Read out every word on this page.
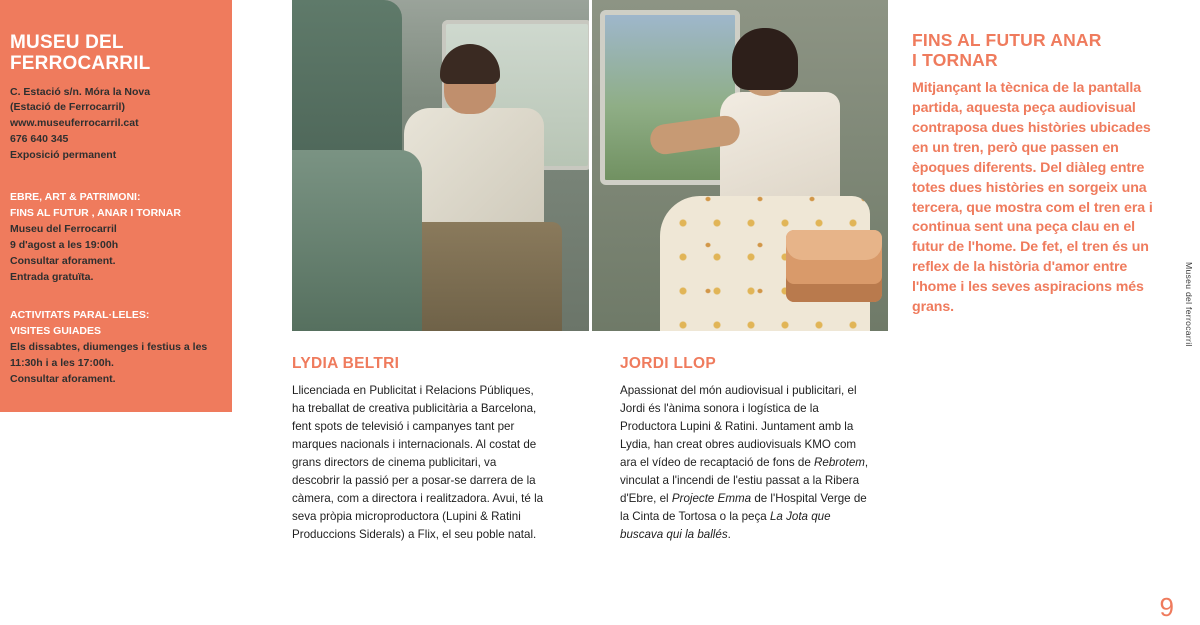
MUSEU DEL
FERROCARRIL
C. Estació s/n. Móra la Nova
(Estació de Ferrocarril)
www.museuferrocarril.cat
676 640 345
Exposició permanent
EBRE, ART & PATRIMONI:
FINS AL FUTUR , ANAR I TORNAR
Museu del Ferrocarril
9 d'agost a les 19:00h
Consultar aforament.
Entrada gratuïta.
ACTIVITATS PARAL·LELES:
VISITES GUIADES
Els dissabtes, diumenges i festius a les
11:30h i a les 17:00h.
Consultar aforament.
FINS AL FUTUR ANAR
I TORNAR

Mitjançant la tècnica de la pantalla partida, aquesta peça audiovisual contraposa dues històries ubicades en un tren, però que passen en èpoques diferents. Del diàleg entre totes dues històries en sorgeix una tercera, que mostra com el tren era i continua sent una peça clau en el futur de l'home. De fet, el tren és un reflex de la història d'amor entre l'home i les seves aspiracions més grans.

LYDIA BELTRI

Llicenciada en Publicitat i Relacions Públiques, ha treballat de creativa publicitària a Barcelona, fent spots de televisió i campanyes tant per marques nacionals i internacionals. Al costat de grans directors de cinema publicitari, va descobrir la passió per a posar-se darrera de la càmera, com a directora i realitzadora. Avui, té la seva pròpia microproductora (Lupini & Ratini Produccions Siderals) a Flix, el seu poble natal.

JORDI LLOP

Apassionat del món audiovisual i publicitari, el Jordi és l'ànima sonora i logística de la Productora Lupini & Ratini. Juntament amb la Lydia, han creat obres audiovisuals KMO com ara el vídeo de recaptació de fons de Rebrotem, vinculat a l'incendi de l'estiu passat a la Ribera d'Ebre, el Projecte Emma de l'Hospital Verge de la Cinta de Tortosa o la peça La Jota que buscava qui la ballés.

Museu del ferrocarril
9
